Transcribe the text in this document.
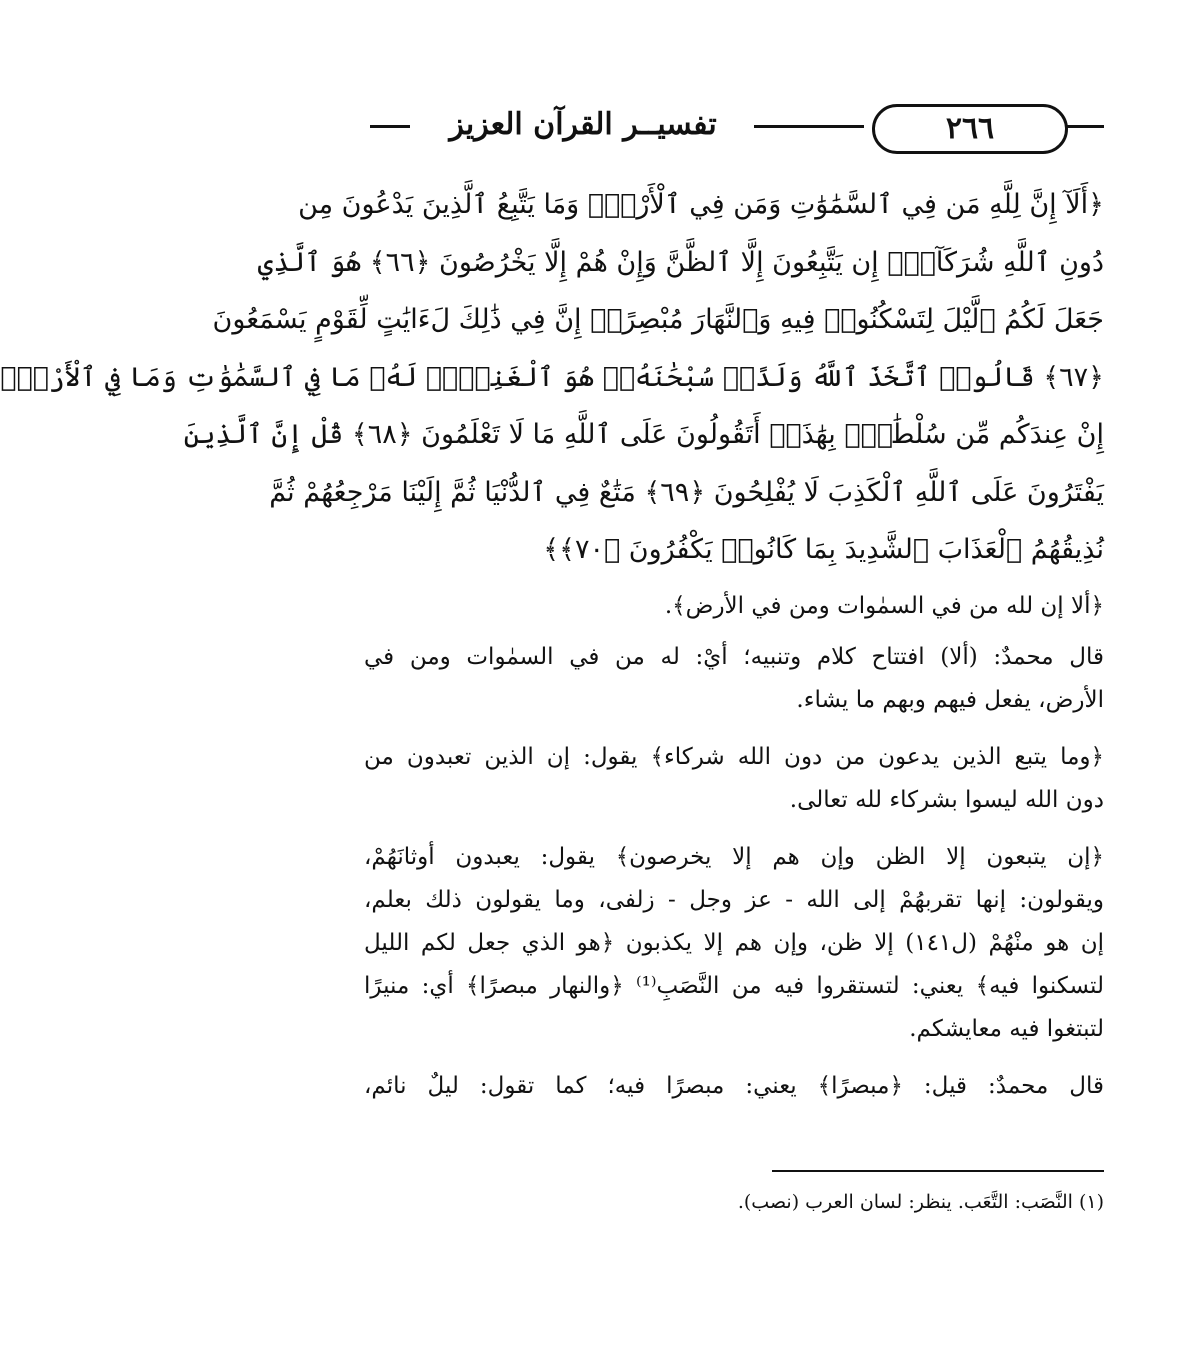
تفسيــر القرآن العزيز	٢٦٦
﴿أَلَآ إِنَّ لِلَّهِ مَن فِي ٱلسَّمَٰوَٰتِ وَمَن فِي ٱلْأَرْضِۗ وَمَا يَتَّبِعُ ٱلَّذِينَ يَدْعُونَ مِن
دُونِ ٱللَّهِ شُرَكَآءَۚ إِن يَتَّبِعُونَ إِلَّا ٱلظَّنَّ وَإِنْ هُمْ إِلَّا يَخْرُصُونَ ﴿٦٦﴾ هُوَ ٱلَّذِي
جَعَلَ لَكُمُ ٱلَّيْلَ لِتَسْكُنُوا۟ فِيهِ وَٱلنَّهَارَ مُبْصِرًاۚ إِنَّ فِي ذَٰلِكَ لَءَايَٰتٍ لِّقَوْمٍ يَسْمَعُونَ
﴿٦٧﴾ قَالُوا۟ ٱتَّخَذَ ٱللَّهُ وَلَدًاۗ سُبْحَٰنَهُۥۖ هُوَ ٱلْغَنِيُّۖ لَهُۥ مَا فِي ٱلسَّمَٰوَٰتِ وَمَا فِي ٱلْأَرْضِۚ
إِنْ عِندَكُم مِّن سُلْطَٰنٍۭ بِهَٰذَآۚ أَتَقُولُونَ عَلَى ٱللَّهِ مَا لَا تَعْلَمُونَ ﴿٦٨﴾ قُلْ إِنَّ ٱلَّذِينَ
يَفْتَرُونَ عَلَى ٱللَّهِ ٱلْكَذِبَ لَا يُفْلِحُونَ ﴿٦٩﴾ مَتَٰعٌ فِي ٱلدُّنْيَا ثُمَّ إِلَيْنَا مَرْجِعُهُمْ ثُمَّ
نُذِيقُهُمُ ٱلْعَذَابَ ٱلشَّدِيدَ بِمَا كَانُوا۟ يَكْفُرُونَ ﴿٧٠﴾﴾
﴿ألا إن لله من في السمٰوات ومن في الأرض﴾.
قال محمدٌ: (ألا) افتتاح كلام وتنبيه؛ أيْ: له من في السمٰوات ومن في
الأرض، يفعل فيهم وبهم ما يشاء.
﴿وما يتبع الذين يدعون من دون الله شركاء﴾ يقول: إن الذين تعبدون من
دون الله ليسوا بشركاء لله تعالى.
﴿إن يتبعون إلا الظن وإن هم إلا يخرصون﴾ يقول: يعبدون أوثانَهُمْ،
ويقولون: إنها تقربهُمْ إلى الله - عز وجل - زلفى، وما يقولون ذلك بعلم،
إن هو منْهُمْ (ل١٤١) إلا ظن، وإن هم إلا يكذبون ﴿هو الذي جعل لكم الليل
لتسكنوا فيه﴾ يعني: لتستقروا فيه من النَّصَبِ⁽¹⁾ ﴿والنهار مبصرًا﴾ أي: منيرًا
لتبتغوا فيه معايشكم.
قال محمدٌ: قيل: ﴿مبصرًا﴾ يعني: مبصرًا فيه؛ كما تقول: ليلٌ نائم،
(١) النَّصَب: التَّعَب. ينظر: لسان العرب (نصب).
